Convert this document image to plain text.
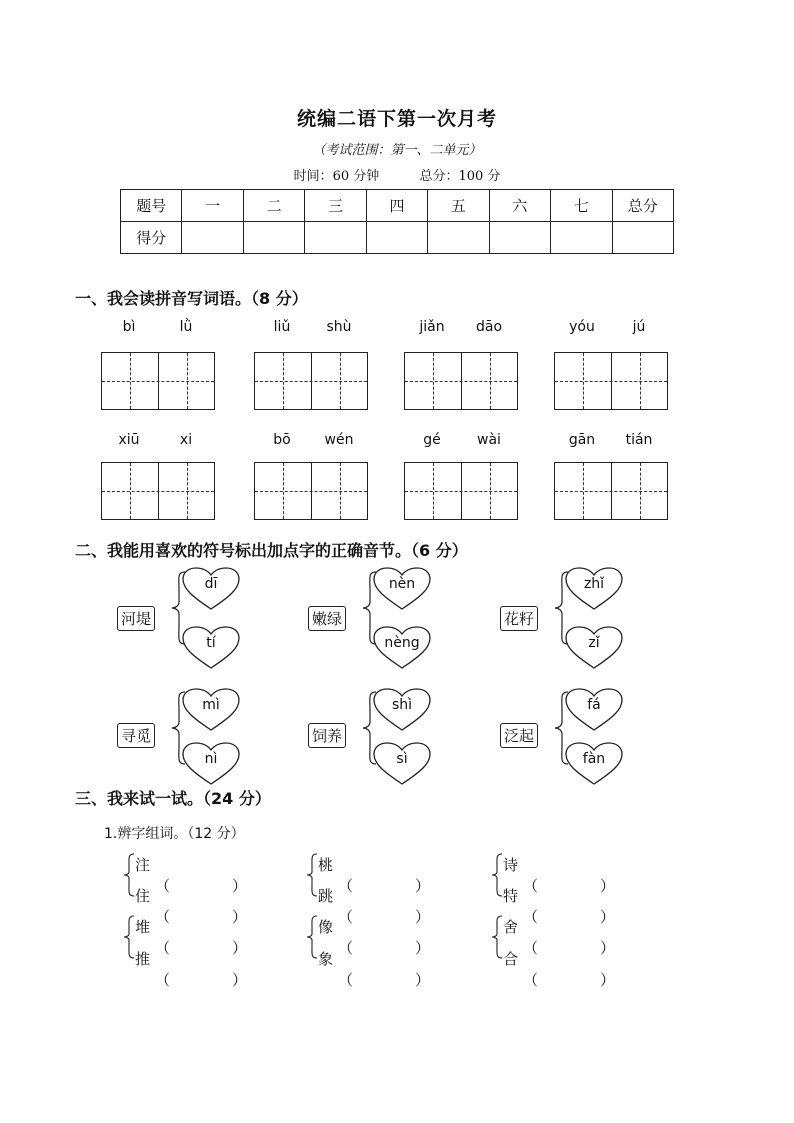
统编二语下第一次月考
（考试范围：第一、二单元）
时间：60 分钟	总分：100 分
题号	一	二	三	四	五	六	七	总分
得分								
一、我会读拼音写词语。（8 分）
bì	lǜ	liǔ	shù	jiǎn	dāo	yóu	jú
xiū	xi	bō	wén	gé	wài	gān	tián
二、我能用喜欢的符号标出加点字的正确音节。（6 分）
河堤
dī
tí
嫩绿
nèn
nèng
花籽
zhǐ
zǐ
寻觅
mì
nì
饲养
shì
sì
泛起
fá
fàn
三、我来试一试。（24 分）
1.辨字组词。（12 分）
注
（	）
住
（	）
桃
（	）
跳
（	）
诗
（	）
特
（	）
堆
（	）
推
（	）
像
（	）
象
（	）
舍
（	）
合
（	）
